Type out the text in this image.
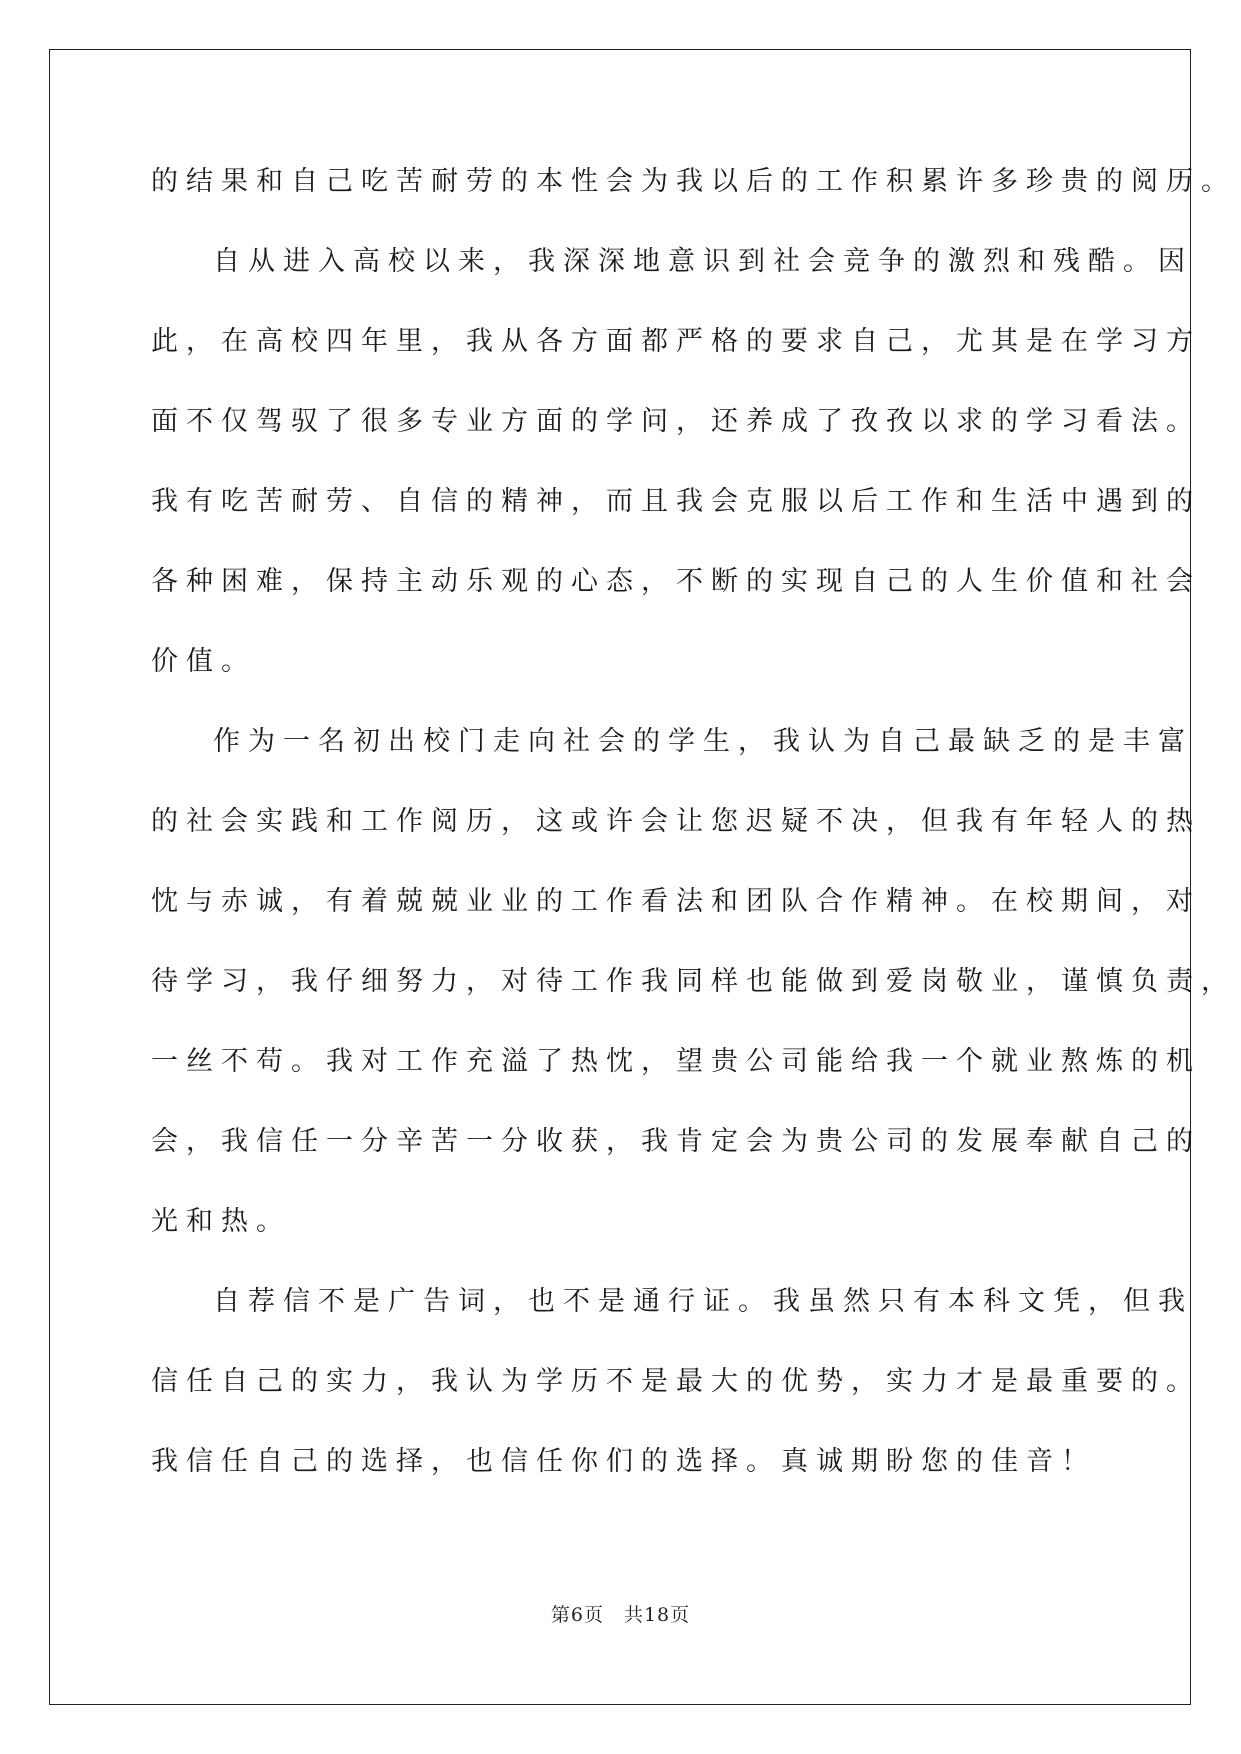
的结果和自己吃苦耐劳的本性会为我以后的工作积累许多珍贵的阅历。
自从进入高校以来，我深深地意识到社会竞争的激烈和残酷。因
此，在高校四年里，我从各方面都严格的要求自己，尤其是在学习方
面不仅驾驭了很多专业方面的学问，还养成了孜孜以求的学习看法。
我有吃苦耐劳、自信的精神，而且我会克服以后工作和生活中遇到的
各种困难，保持主动乐观的心态，不断的实现自己的人生价值和社会
价值。
作为一名初出校门走向社会的学生，我认为自己最缺乏的是丰富
的社会实践和工作阅历，这或许会让您迟疑不决，但我有年轻人的热
忱与赤诚，有着兢兢业业的工作看法和团队合作精神。在校期间，对
待学习，我仔细努力，对待工作我同样也能做到爱岗敬业，谨慎负责，
一丝不苟。我对工作充溢了热忱，望贵公司能给我一个就业熬炼的机
会，我信任一分辛苦一分收获，我肯定会为贵公司的发展奉献自己的
光和热。
自荐信不是广告词，也不是通行证。我虽然只有本科文凭，但我
信任自己的实力，我认为学历不是最大的优势，实力才是最重要的。
我信任自己的选择，也信任你们的选择。真诚期盼您的佳音！
第6页　共18页
